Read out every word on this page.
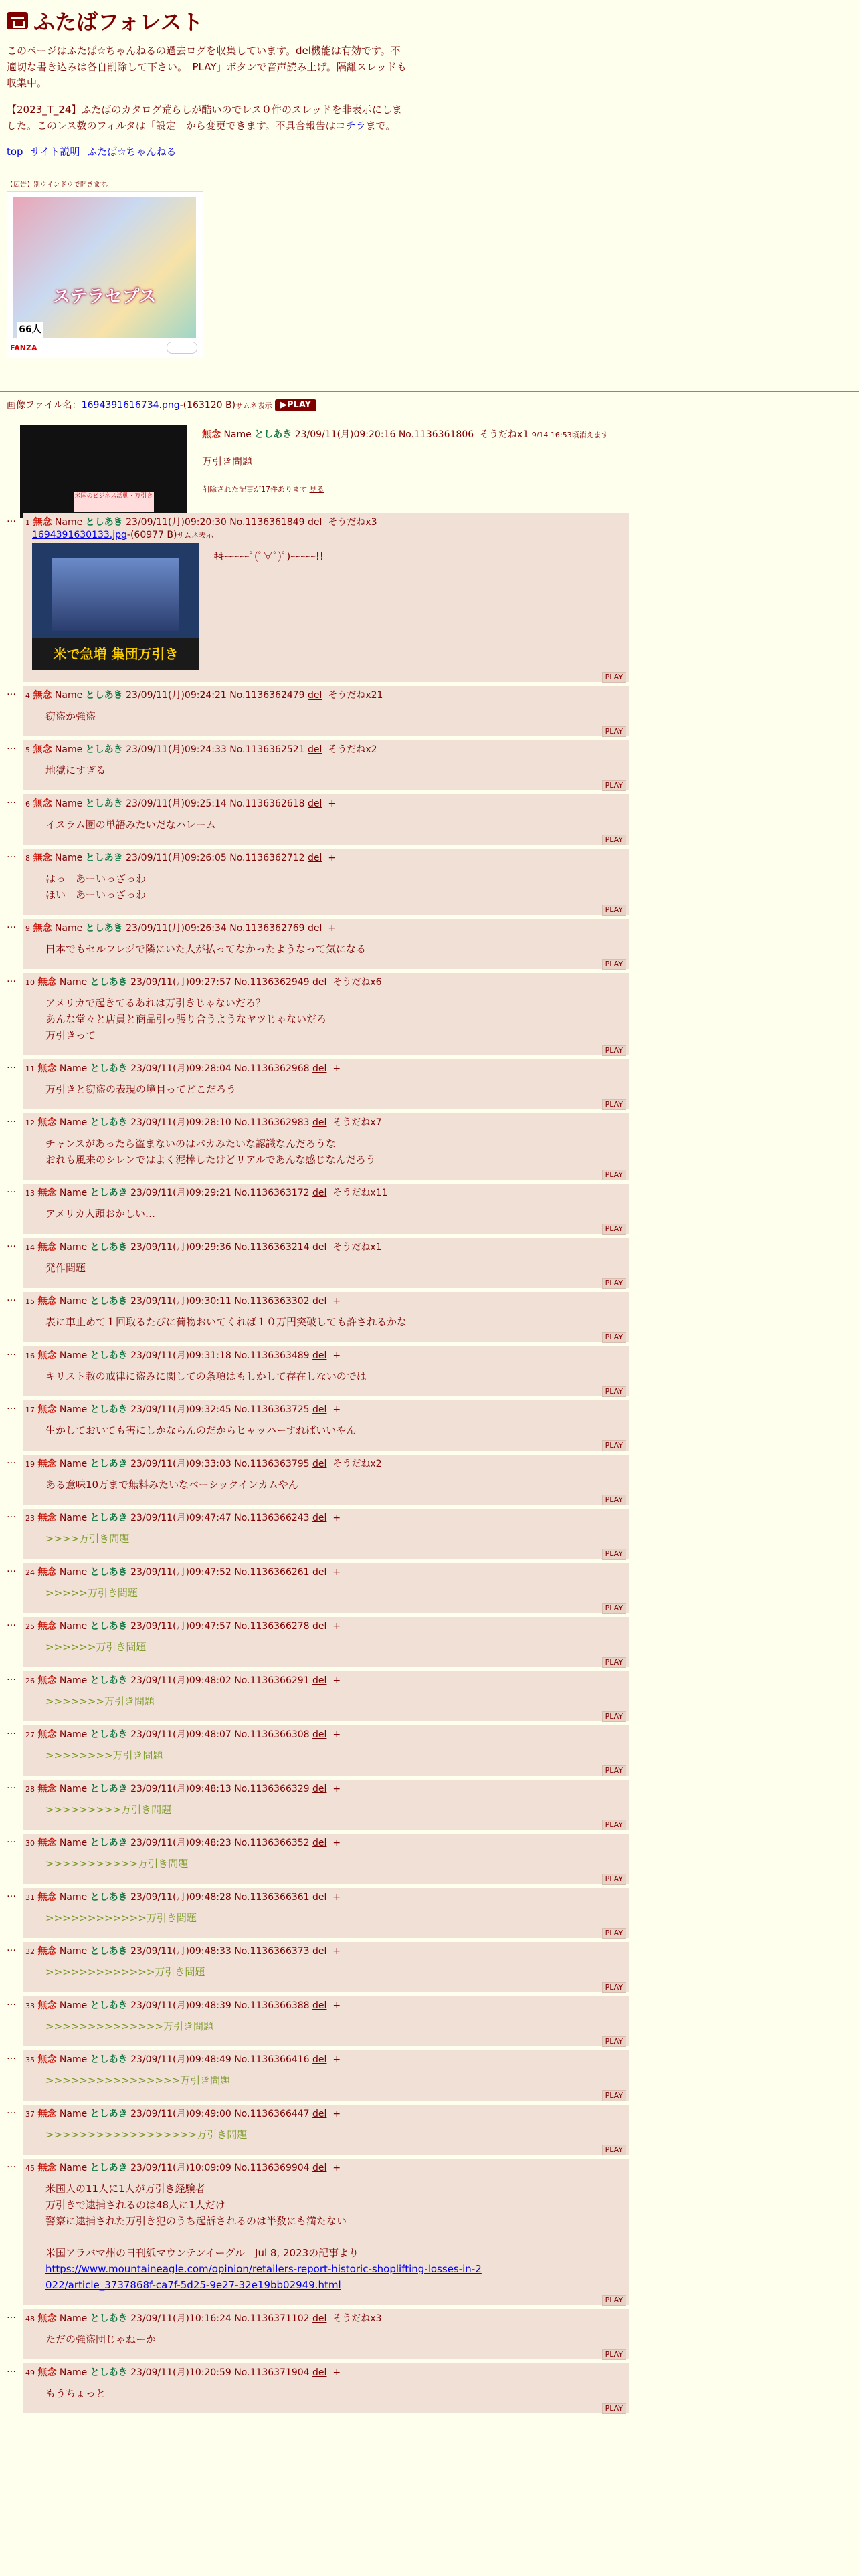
ふたばフォレスト

このページはふたば☆ちゃんねるの過去ログを収集しています。del機能は有効です。不適切な書き込みは各自削除して下さい。「PLAY」ボタンで音声読み上げ。隔離スレッドも収集中。

【2023_T_24】ふたばのカタログ荒らしが酷いのでレス０件のスレッドを非表示にしました。このレス数のフィルタは「設定」から変更できます。不具合報告はコチラまで。

top サイト説明 ふたば☆ちゃんねる
【広告】別ウインドウで開きます。
ステラセプス
66人
FANZA
画像ファイル名：1694391616734.png-(163120 B)サムネ表示 ▶PLAY
米国のビジネス活動・万引き
無念 Name としあき 23/09/11(月)09:20:16 No.1136361806 そうだねx1 9/14 16:53頃消えます
万引き問題
削除された記事が17件あります 見る
…	1 無念 Name としあき 23/09/11(月)09:20:30 No.1136361849 del そうだねx3
1694391630133.jpg-(60977 B)サムネ表示
米で急増 集団万引き
ｷｷｰｰｰｰｰﾟ(ﾟ∀ﾟ)ﾟ)ｰｰｰｰｰ!!
PLAY
…	4 無念 Name としあき 23/09/11(月)09:24:21 No.1136362479 del そうだねx21
窃盗か強盗
PLAY
…	5 無念 Name としあき 23/09/11(月)09:24:33 No.1136362521 del そうだねx2
地獄にすぎる
PLAY
…	6 無念 Name としあき 23/09/11(月)09:25:14 No.1136362618 del +
イスラム圏の単語みたいだなハレーム
PLAY
…	8 無念 Name としあき 23/09/11(月)09:26:05 No.1136362712 del +
はっ　あーいっざっわ
ほい　あーいっざっわ
PLAY
…	9 無念 Name としあき 23/09/11(月)09:26:34 No.1136362769 del +
日本でもセルフレジで隣にいた人が払ってなかったようなって気になる
PLAY
…	10 無念 Name としあき 23/09/11(月)09:27:57 No.1136362949 del そうだねx6
アメリカで起きてるあれは万引きじゃないだろ？
あんな堂々と店員と商品引っ張り合うようなヤツじゃないだろ
万引きって
PLAY
…	11 無念 Name としあき 23/09/11(月)09:28:04 No.1136362968 del +
万引きと窃盗の表現の境目ってどこだろう
PLAY
…	12 無念 Name としあき 23/09/11(月)09:28:10 No.1136362983 del そうだねx7
チャンスがあったら盗まないのはバカみたいな認識なんだろうな
おれも風来のシレンではよく泥棒したけどリアルであんな感じなんだろう
PLAY
…	13 無念 Name としあき 23/09/11(月)09:29:21 No.1136363172 del そうだねx11
アメリカ人頭おかしい…
PLAY
…	14 無念 Name としあき 23/09/11(月)09:29:36 No.1136363214 del そうだねx1
発作問題
PLAY
…	15 無念 Name としあき 23/09/11(月)09:30:11 No.1136363302 del +
表に車止めて１回取るたびに荷物おいてくれば１０万円突破しても許されるかな
PLAY
…	16 無念 Name としあき 23/09/11(月)09:31:18 No.1136363489 del +
キリスト教の戒律に盗みに関しての条項はもしかして存在しないのでは
PLAY
…	17 無念 Name としあき 23/09/11(月)09:32:45 No.1136363725 del +
生かしておいても害にしかならんのだからヒャッハーすればいいやん
PLAY
…	19 無念 Name としあき 23/09/11(月)09:33:03 No.1136363795 del そうだねx2
ある意味10万まで無料みたいなベーシックインカムやん
PLAY
…	23 無念 Name としあき 23/09/11(月)09:47:47 No.1136366243 del +
>>>>万引き問題
PLAY
…	24 無念 Name としあき 23/09/11(月)09:47:52 No.1136366261 del +
>>>>>万引き問題
PLAY
…	25 無念 Name としあき 23/09/11(月)09:47:57 No.1136366278 del +
>>>>>>万引き問題
PLAY
…	26 無念 Name としあき 23/09/11(月)09:48:02 No.1136366291 del +
>>>>>>>万引き問題
PLAY
…	27 無念 Name としあき 23/09/11(月)09:48:07 No.1136366308 del +
>>>>>>>>万引き問題
PLAY
…	28 無念 Name としあき 23/09/11(月)09:48:13 No.1136366329 del +
>>>>>>>>>万引き問題
PLAY
…	30 無念 Name としあき 23/09/11(月)09:48:23 No.1136366352 del +
>>>>>>>>>>>万引き問題
PLAY
…	31 無念 Name としあき 23/09/11(月)09:48:28 No.1136366361 del +
>>>>>>>>>>>>万引き問題
PLAY
…	32 無念 Name としあき 23/09/11(月)09:48:33 No.1136366373 del +
>>>>>>>>>>>>>万引き問題
PLAY
…	33 無念 Name としあき 23/09/11(月)09:48:39 No.1136366388 del +
>>>>>>>>>>>>>>万引き問題
PLAY
…	35 無念 Name としあき 23/09/11(月)09:48:49 No.1136366416 del +
>>>>>>>>>>>>>>>>万引き問題
PLAY
…	37 無念 Name としあき 23/09/11(月)09:49:00 No.1136366447 del +
>>>>>>>>>>>>>>>>>>万引き問題
PLAY
…	45 無念 Name としあき 23/09/11(月)10:09:09 No.1136369904 del +
米国人の11人に1人が万引き経験者
万引きで逮捕されるのは48人に1人だけ
警察に逮捕された万引き犯のうち起訴されるのは半数にも満たない

米国アラバマ州の日刊紙マウンテンイーグル　Jul 8, 2023の記事より
https://www.mountaineagle.com/opinion/retailers-report-historic-shoplifting-losses-in-2022/article_3737868f-ca7f-5d25-9e27-32e19bb02949.html
PLAY
…	48 無念 Name としあき 23/09/11(月)10:16:24 No.1136371102 del そうだねx3
ただの強盗団じゃねーか
PLAY
…	49 無念 Name としあき 23/09/11(月)10:20:59 No.1136371904 del +
もうちょっと
PLAY
